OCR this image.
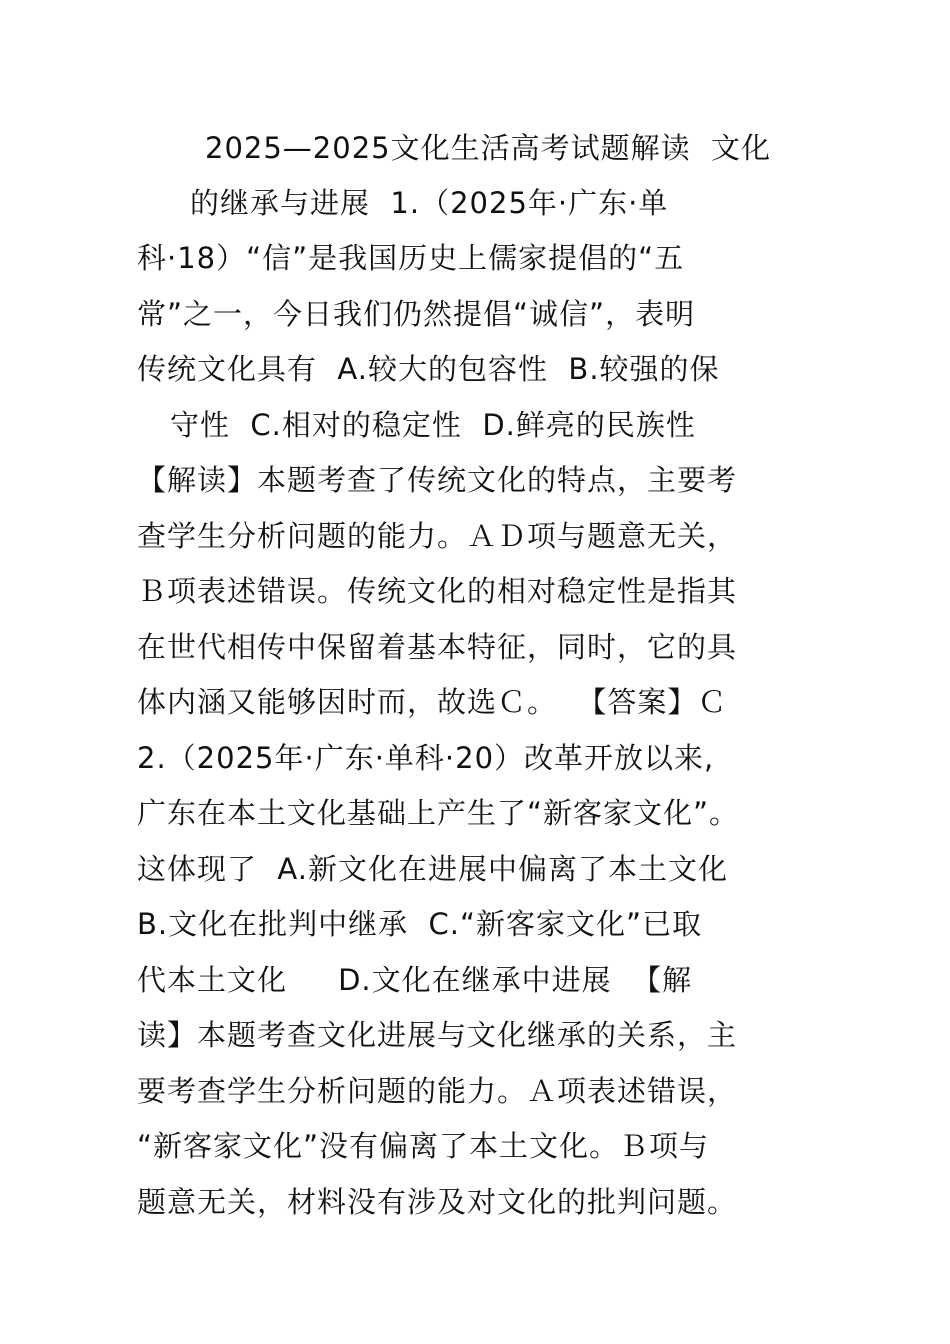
2025—2025文化生活高考试题解读  文化
的继承与进展  1.（2025年·广东·单
科·18）“信”是我国历史上儒家提倡的“五
常”之一，今日我们仍然提倡“诚信”，表明
传统文化具有  A.较大的包容性  B.较强的保
守性  C.相对的稳定性  D.鲜亮的民族性
【解读】本题考查了传统文化的特点，主要考
查学生分析问题的能力。ＡＤ项与题意无关，
Ｂ项表述错误。传统文化的相对稳定性是指其
在世代相传中保留着基本特征，同时，它的具
体内涵又能够因时而，故选Ｃ。  【答案】Ｃ
2.（2025年·广东·单科·20）改革开放以来,
广东在本土文化基础上产生了“新客家文化”。
这体现了  A.新文化在进展中偏离了本土文化
B.文化在批判中继承  C.“新客家文化”已取
代本土文化     D.文化在继承中进展  【解
读】本题考查文化进展与文化继承的关系，主
要考查学生分析问题的能力。Ａ项表述错误，
“新客家文化”没有偏离了本土文化。Ｂ项与
题意无关，材料没有涉及对文化的批判问题。
